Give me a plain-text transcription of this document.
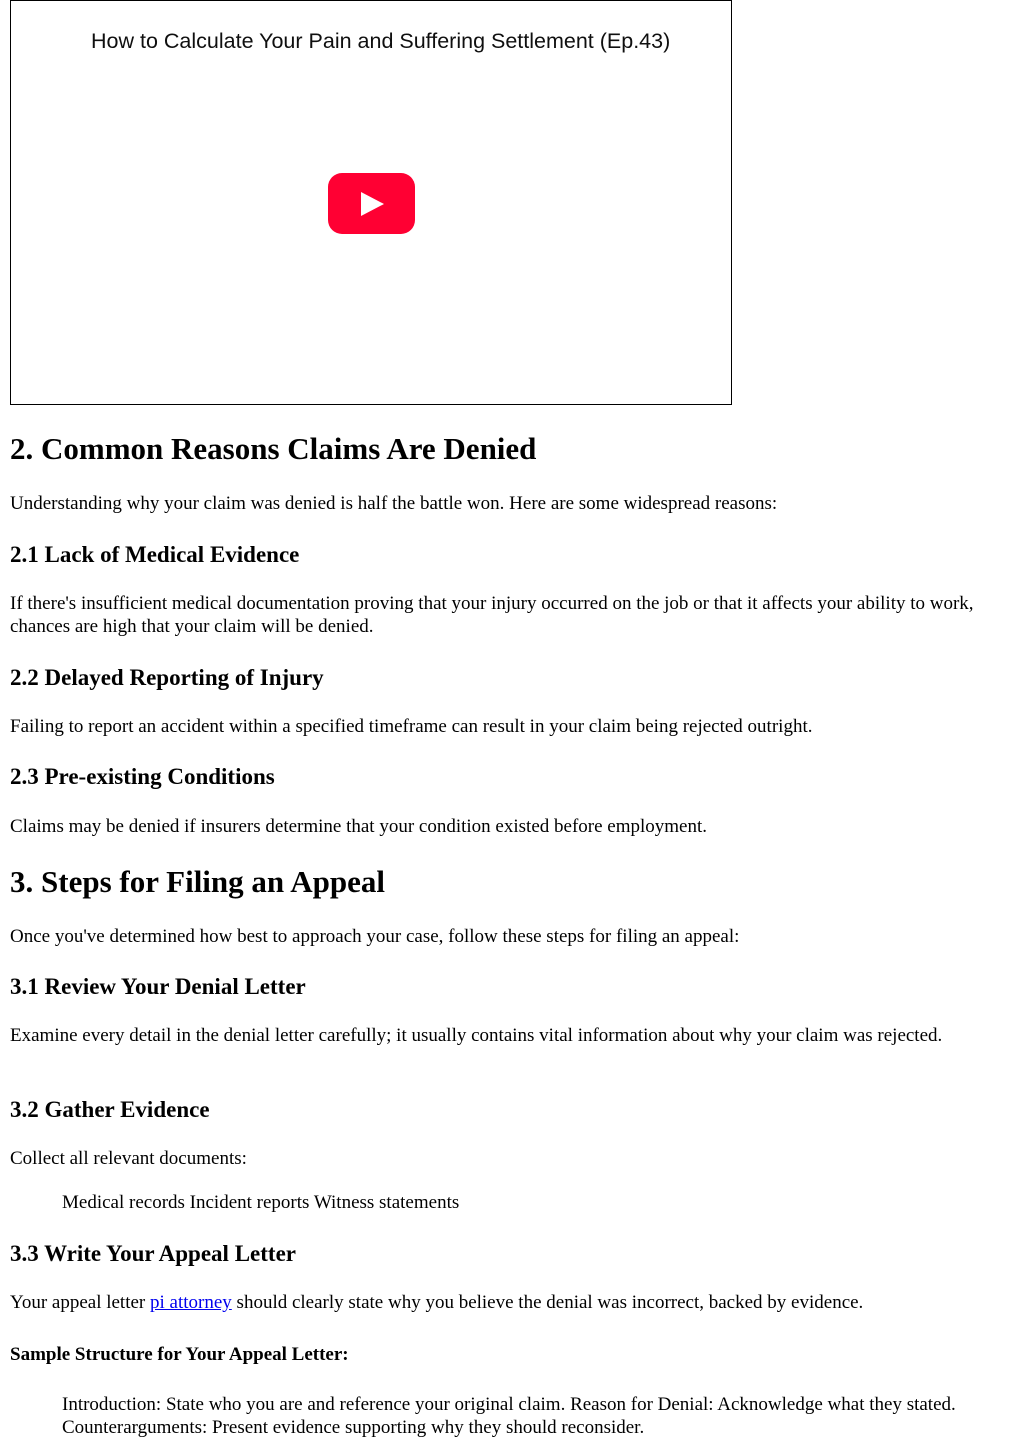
How to Calculate Your Pain and Suffering Settlement (Ep.43)
2. Common Reasons Claims Are Denied

Understanding why your claim was denied is half the battle won. Here are some widespread reasons:

2.1 Lack of Medical Evidence

If there's insufficient medical documentation proving that your injury occurred on the job or that it affects your ability to work, chances are high that your claim will be denied.

2.2 Delayed Reporting of Injury

Failing to report an accident within a specified timeframe can result in your claim being rejected outright.

2.3 Pre-existing Conditions

Claims may be denied if insurers determine that your condition existed before employment.

3. Steps for Filing an Appeal

Once you've determined how best to approach your case, follow these steps for filing an appeal:

3.1 Review Your Denial Letter

Examine every detail in the denial letter carefully; it usually contains vital information about why your claim was rejected.

3.2 Gather Evidence

Collect all relevant documents:

Medical records Incident reports Witness statements
3.3 Write Your Appeal Letter

Your appeal letter pi attorney should clearly state why you believe the denial was incorrect, backed by evidence.

Sample Structure for Your Appeal Letter:

Introduction: State who you are and reference your original claim. Reason for Denial: Acknowledge what they stated. Counterarguments: Present evidence supporting why they should reconsider.
